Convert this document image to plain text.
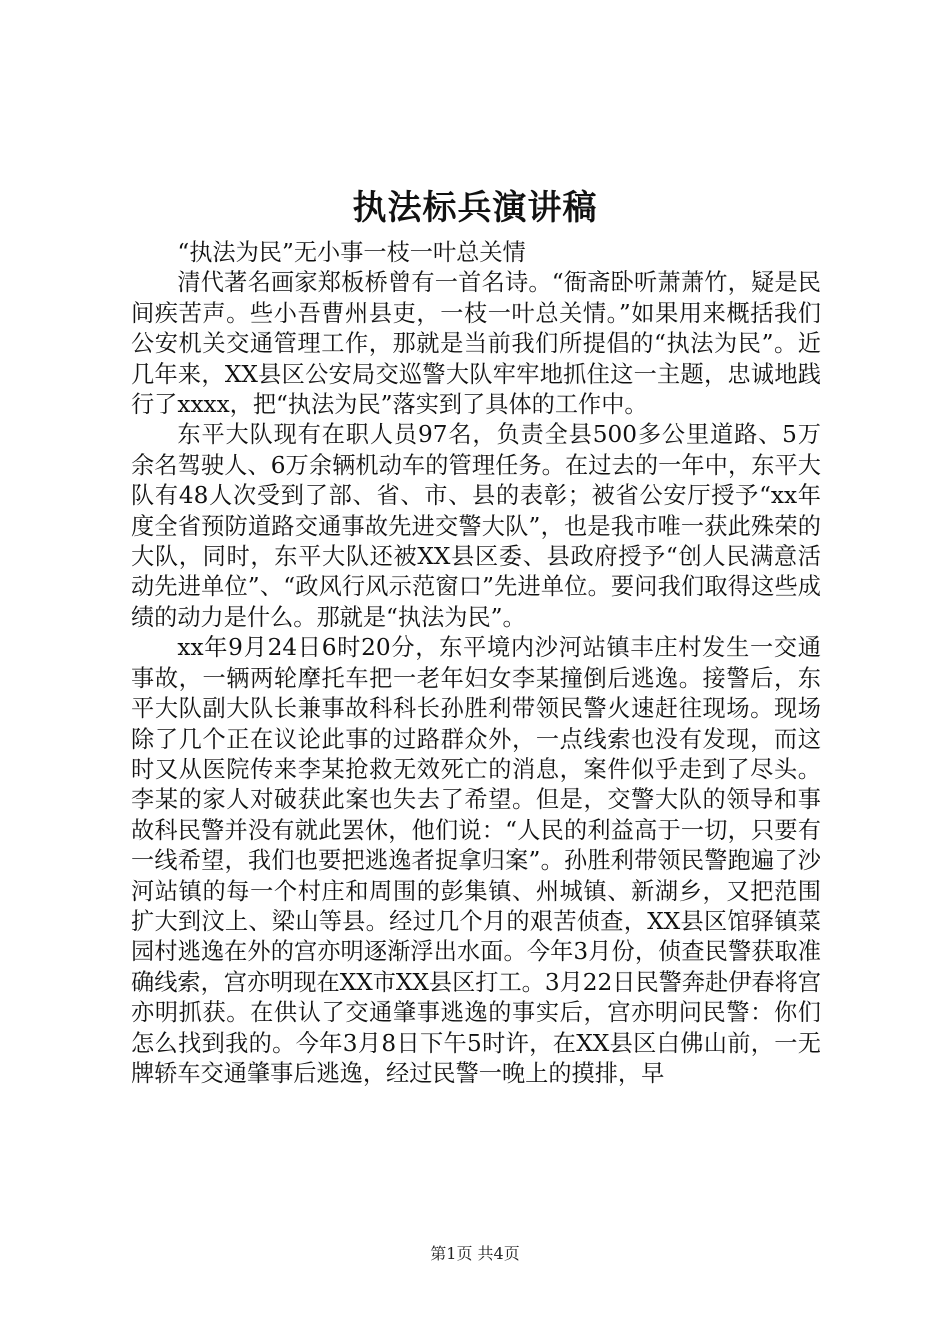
执法标兵演讲稿

“执法为民”无小事一枝一叶总关情

清代著名画家郑板桥曾有一首名诗。“衙斋卧听萧萧竹，疑是民间疾苦声。些小吾曹州县吏，一枝一叶总关情。”如果用来概括我们公安机关交通管理工作，那就是当前我们所提倡的“执法为民”。近几年来，XX县区公安局交巡警大队牢牢地抓住这一主题，忠诚地践行了xxxx，把“执法为民”落实到了具体的工作中。

东平大队现有在职人员97名，负责全县500多公里道路、5万余名驾驶人、6万余辆机动车的管理任务。在过去的一年中，东平大队有48人次受到了部、省、市、县的表彰；被省公安厅授予“xx年度全省预防道路交通事故先进交警大队”，也是我市唯一获此殊荣的大队，同时，东平大队还被XX县区委、县政府授予“创人民满意活动先进单位”、“政风行风示范窗口”先进单位。要问我们取得这些成绩的动力是什么。那就是“执法为民”。

xx年9月24日6时20分，东平境内沙河站镇丰庄村发生一交通事故，一辆两轮摩托车把一老年妇女李某撞倒后逃逸。接警后，东平大队副大队长兼事故科科长孙胜利带领民警火速赶往现场。现场除了几个正在议论此事的过路群众外，一点线索也没有发现，而这时又从医院传来李某抢救无效死亡的消息，案件似乎走到了尽头。李某的家人对破获此案也失去了希望。但是，交警大队的领导和事故科民警并没有就此罢休，他们说：“人民的利益高于一切，只要有一线希望，我们也要把逃逸者捉拿归案”。孙胜利带领民警跑遍了沙河站镇的每一个村庄和周围的彭集镇、州城镇、新湖乡，又把范围扩大到汶上、梁山等县。经过几个月的艰苦侦查，XX县区馆驿镇菜园村逃逸在外的宫亦明逐渐浮出水面。今年3月份，侦查民警获取准确线索，宫亦明现在XX市XX县区打工。3月22日民警奔赴伊春将宫亦明抓获。在供认了交通肇事逃逸的事实后，宫亦明问民警：你们怎么找到我的。今年3月8日下午5时许，在XX县区白佛山前，一无牌轿车交通肇事后逃逸，经过民警一晚上的摸排，早

第1页 共4页
